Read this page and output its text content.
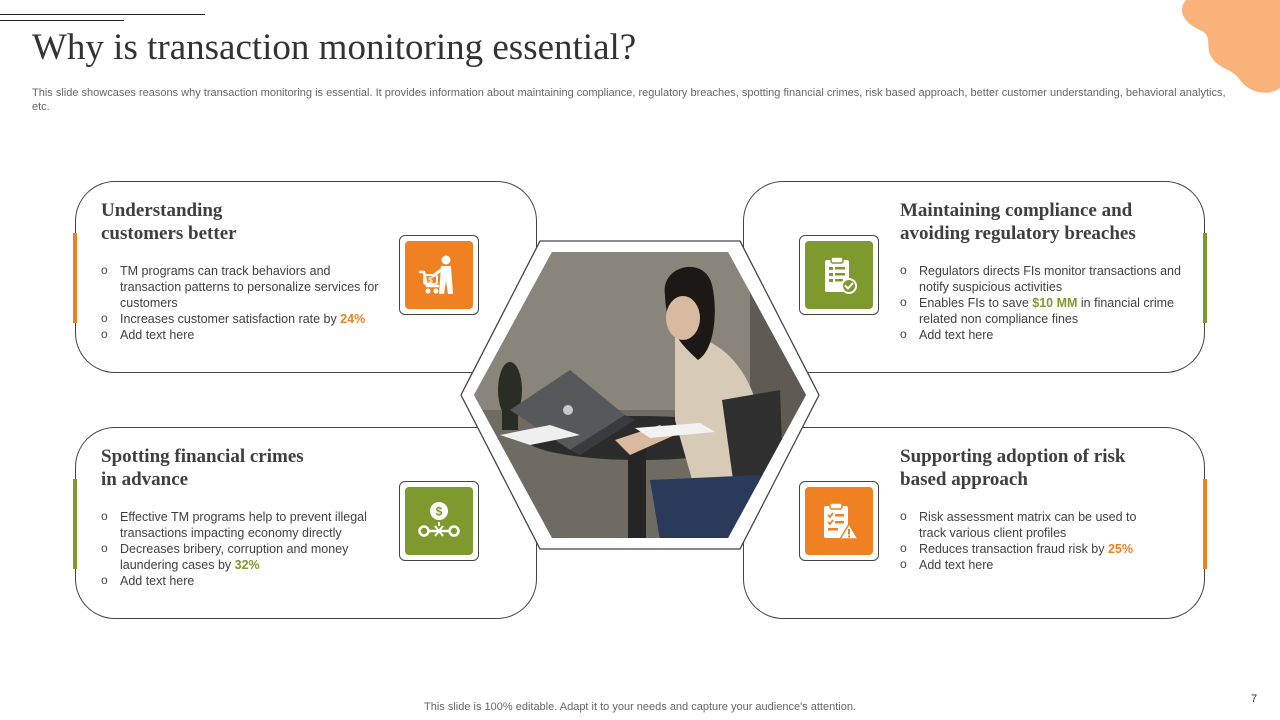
Why is transaction monitoring essential?
This slide showcases reasons why transaction monitoring is essential. It provides information about maintaining compliance, regulatory breaches, spotting financial crimes, risk based approach, better customer understanding, behavioral analytics, etc.
Understanding
customers better
o TM programs can track behaviors and transaction patterns to personalize services for customers
o Increases customer satisfaction rate by 24%
o Add text here
Maintaining compliance and
avoiding regulatory breaches
o Regulators directs FIs monitor transactions and notify suspicious activities
o Enables FIs to save $10 MM in financial crime related non compliance fines
o Add text here
Spotting financial crimes
in advance
o Effective TM programs help to prevent illegal transactions impacting economy directly
o Decreases bribery, corruption and money laundering cases by 32%
o Add text here
Supporting adoption of risk
based approach
o Risk assessment matrix can be used to track various client profiles
o Reduces transaction fraud risk by 25%
o Add text here
$
$
This slide is 100% editable. Adapt it to your needs and capture your audience's attention.
7
